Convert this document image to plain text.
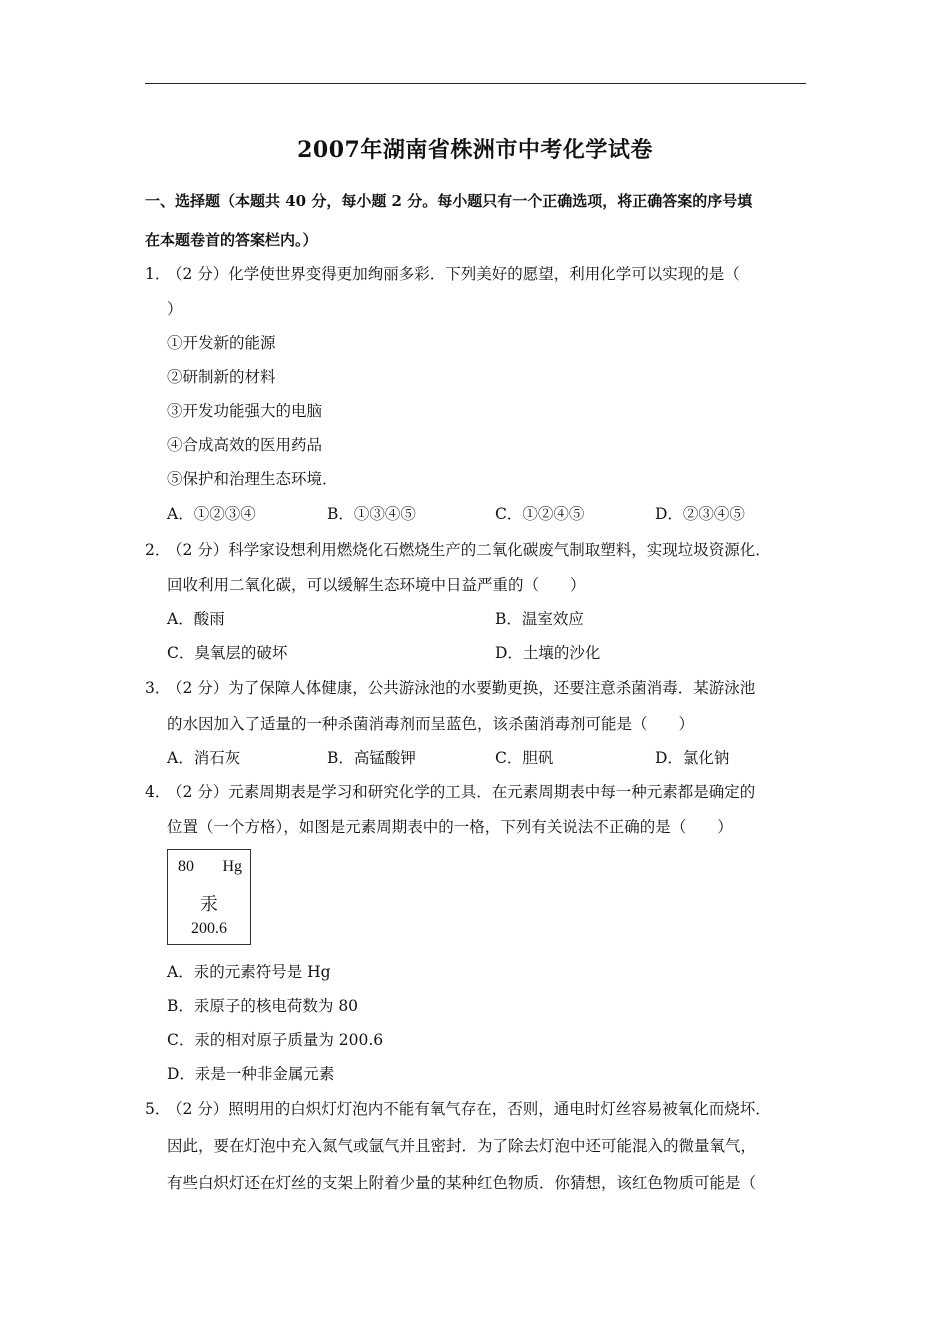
2007年湖南省株洲市中考化学试卷
一、选择题（本题共 40 分，每小题 2 分。每小题只有一个正确选项，将正确答案的序号填
在本题卷首的答案栏内。）
1．
（2 分）化学使世界变得更加绚丽多彩．下列美好的愿望，利用化学可以实现的是（
）
①开发新的能源
②研制新的材料
③开发功能强大的电脑
④合成高效的医用药品
⑤保护和治理生态环境．
A．①②③④	B．①③④⑤	C．①②④⑤	D．②③④⑤
2．
（2 分）科学家设想利用燃烧化石燃烧生产的二氧化碳废气制取塑料，实现垃圾资源化．
回收利用二氧化碳，可以缓解生态环境中日益严重的（　　）
A．酸雨	B．温室效应
C．臭氧层的破坏	D．土壤的沙化
3．
（2 分）为了保障人体健康，公共游泳池的水要勤更换，还要注意杀菌消毒．某游泳池
的水因加入了适量的一种杀菌消毒剂而呈蓝色，该杀菌消毒剂可能是（　　）
A．消石灰	B．高锰酸钾	C．胆矾	D．氯化钠
4．
（2 分）元素周期表是学习和研究化学的工具．在元素周期表中每一种元素都是确定的
位置（一个方格），如图是元素周期表中的一格，下列有关说法不正确的是（　　）
80 Hg
汞
200.6
A．汞的元素符号是 Hg
B．汞原子的核电荷数为 80
C．汞的相对原子质量为 200.6
D．汞是一种非金属元素
5．
（2 分）照明用的白炽灯灯泡内不能有氧气存在，否则，通电时灯丝容易被氧化而烧坏．
因此，要在灯泡中充入氮气或氩气并且密封．为了除去灯泡中还可能混入的微量氧气，
有些白炽灯还在灯丝的支架上附着少量的某种红色物质．你猜想，该红色物质可能是（
